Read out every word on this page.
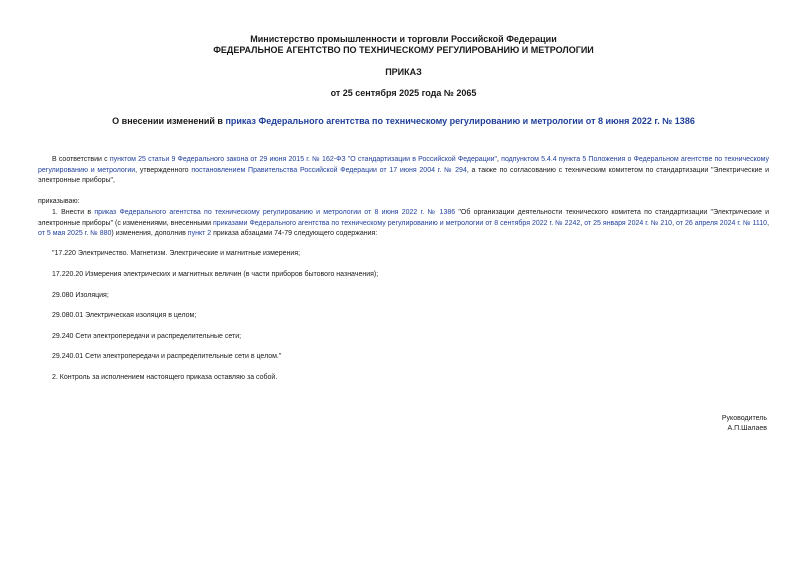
Министерство промышленности и торговли Российской Федерации
ФЕДЕРАЛЬНОЕ АГЕНТСТВО ПО ТЕХНИЧЕСКОМУ РЕГУЛИРОВАНИЮ И МЕТРОЛОГИИ
ПРИКАЗ
от 25 сентября 2025 года № 2065
О внесении изменений в приказ Федерального агентства по техническому регулированию и метрологии от 8 июня 2022 г. № 1386
В соответствии с пунктом 25 статьи 9 Федерального закона от 29 июня 2015 г. № 162-ФЗ "О стандартизации в Российской Федерации", подпунктом 5.4.4 пункта 5 Положения о Федеральном агентстве по техническому регулированию и метрологии, утвержденного постановлением Правительства Российской Федерации от 17 июня 2004 г. № 294, а также по согласованию с техническим комитетом по стандартизации "Электрические и электронные приборы",
приказываю:
1. Внести в приказ Федерального агентства по техническому регулированию и метрологии от 8 июня 2022 г. № 1386 "Об организации деятельности технического комитета по стандартизации "Электрические и электронные приборы" (с изменениями, внесенными приказами Федерального агентства по техническому регулированию и метрологии от 8 сентября 2022 г. № 2242, от 25 января 2024 г. № 210, от 26 апреля 2024 г. № 1110, от 5 мая 2025 г. № 880) изменения, дополнив пункт 2 приказа абзацами 74-79 следующего содержания:
"17.220 Электричество. Магнетизм. Электрические и магнитные измерения;
17.220.20 Измерения электрических и магнитных величин (в части приборов бытового назначения);
29.080 Изоляция;
29.080.01 Электрическая изоляция в целом;
29.240 Сети электропередачи и распределительные сети;
29.240.01 Сети электропередачи и распределительные сети в целом."
2. Контроль за исполнением настоящего приказа оставляю за собой.
Руководитель
А.П.Шалаев
